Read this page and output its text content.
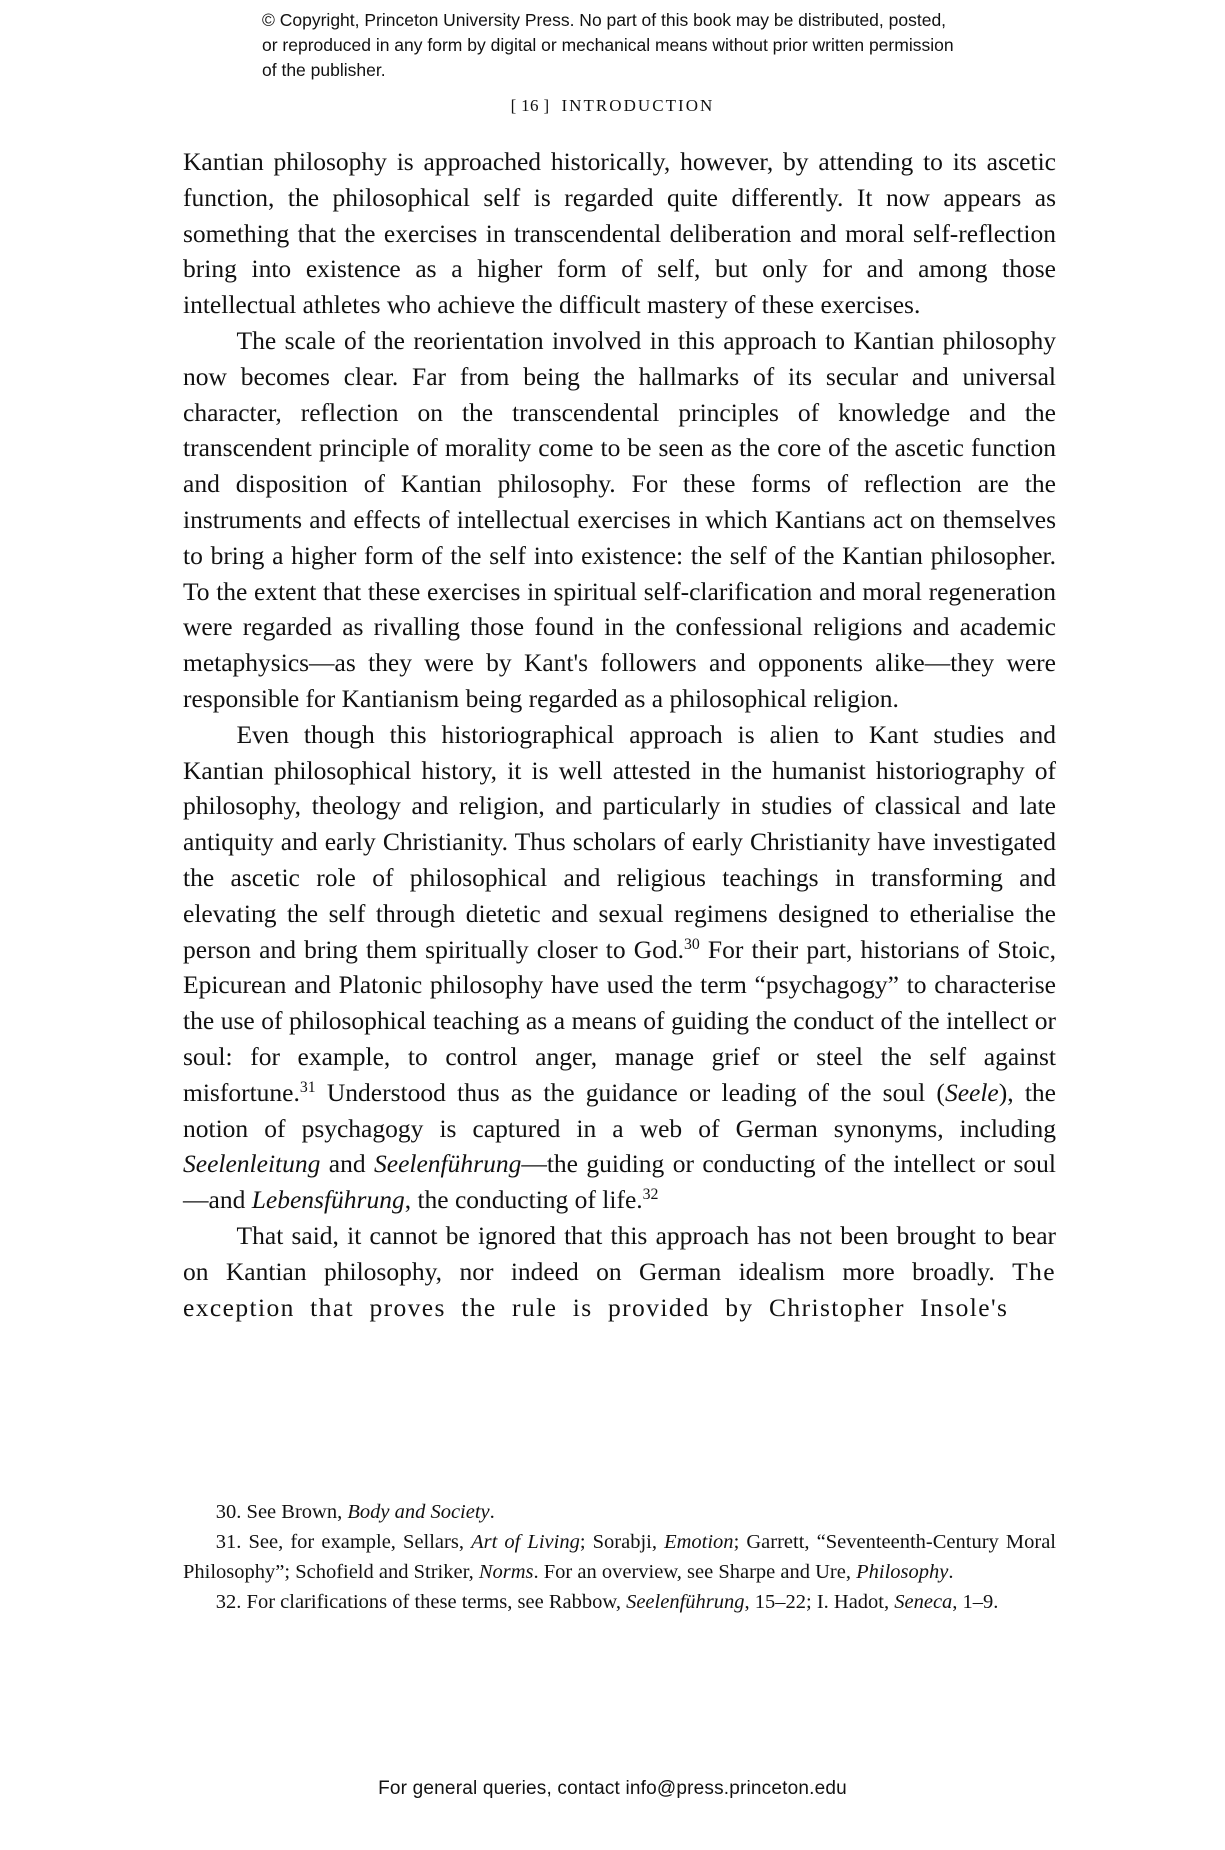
© Copyright, Princeton University Press. No part of this book may be distributed, posted, or reproduced in any form by digital or mechanical means without prior written permission of the publisher.
[ 16 ] INTRODUCTION

Kantian philosophy is approached historically, however, by attending to its ascetic function, the philosophical self is regarded quite differently. It now appears as something that the exercises in transcendental deliberation and moral self-reflection bring into existence as a higher form of self, but only for and among those intellectual athletes who achieve the difficult mastery of these exercises.

The scale of the reorientation involved in this approach to Kantian philosophy now becomes clear. Far from being the hallmarks of its secular and universal character, reflection on the transcendental principles of knowledge and the transcendent principle of morality come to be seen as the core of the ascetic function and disposition of Kantian philosophy. For these forms of reflection are the instruments and effects of intellectual exercises in which Kantians act on themselves to bring a higher form of the self into existence: the self of the Kantian philosopher. To the extent that these exercises in spiritual self-clarification and moral regeneration were regarded as rivalling those found in the confessional religions and academic metaphysics—as they were by Kant's followers and opponents alike—they were responsible for Kantianism being regarded as a philosophical religion.

Even though this historiographical approach is alien to Kant studies and Kantian philosophical history, it is well attested in the humanist historiography of philosophy, theology and religion, and particularly in studies of classical and late antiquity and early Christianity. Thus scholars of early Christianity have investigated the ascetic role of philosophical and religious teachings in transforming and elevating the self through dietetic and sexual regimens designed to etherialise the person and bring them spiritually closer to God.$^{30}$ For their part, historians of Stoic, Epicurean and Platonic philosophy have used the term “psychagogy” to characterise the use of philosophical teaching as a means of guiding the conduct of the intellect or soul: for example, to control anger, manage grief or steel the self against misfortune.$^{31}$ Understood thus as the guidance or leading of the soul (Seele), the notion of psychagogy is captured in a web of German synonyms, including Seelenleitung and Seelenführung—the guiding or conducting of the intellect or soul—and Lebensführung, the conducting of life.$^{32}$

That said, it cannot be ignored that this approach has not been brought to bear on Kantian philosophy, nor indeed on German idealism more broadly. The exception that proves the rule is provided by Christopher Insole's

30. See Brown, Body and Society.

31. See, for example, Sellars, Art of Living; Sorabji, Emotion; Garrett, “Seventeenth-Century Moral Philosophy”; Schofield and Striker, Norms. For an overview, see Sharpe and Ure, Philosophy.

32. For clarifications of these terms, see Rabbow, Seelenführung, 15–22; I. Hadot, Seneca, 1–9.

For general queries, contact info@press.princeton.edu
